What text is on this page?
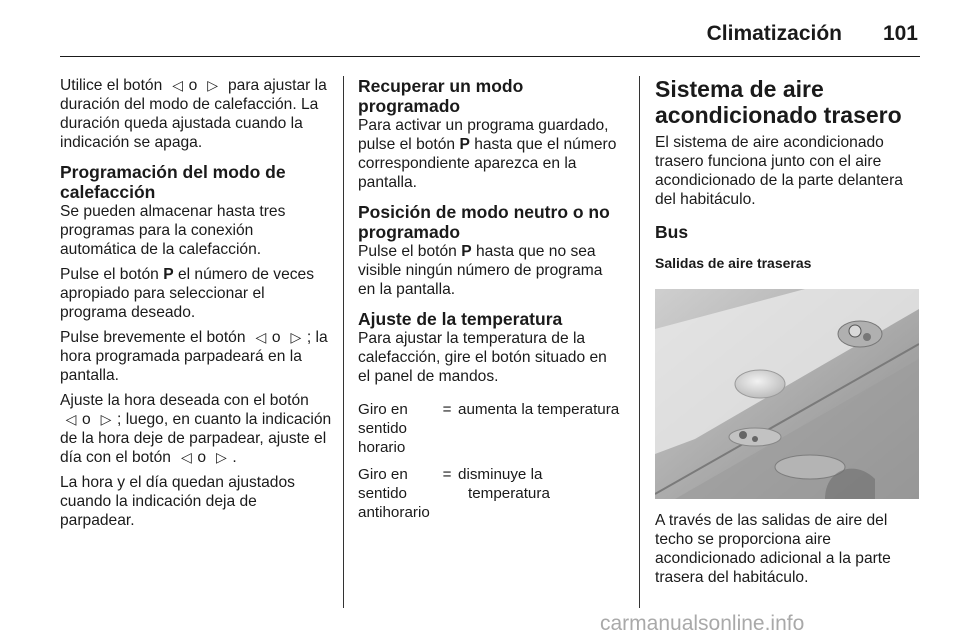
Climatización 101

Utilice el botón ◁ o ▷ para ajustar la duración del modo de calefacción. La duración queda ajustada cuando la indicación se apaga.

Programación del modo de calefacción

Se pueden almacenar hasta tres programas para la conexión automática de la calefacción.

Pulse el botón P el número de veces apropiado para seleccionar el programa deseado.

Pulse brevemente el botón ◁ o ▷ ; la hora programada parpadeará en la pantalla.

Ajuste la hora deseada con el botón ◁ o ▷ ; luego, en cuanto la indicación de la hora deje de parpadear, ajuste el día con el botón ◁ o ▷ .

La hora y el día quedan ajustados cuando la indicación deja de parpadear.

Recuperar un modo programado

Para activar un programa guardado, pulse el botón P hasta que el número correspondiente aparezca en la pantalla.

Posición de modo neutro o no programado

Pulse el botón P hasta que no sea visible ningún número de programa en la pantalla.

Ajuste de la temperatura

Para ajustar la temperatura de la calefacción, gire el botón situado en el panel de mandos.

Giro en sentido horario
= aumenta la temperatura
Giro en sentido antihorario
= disminuye la temperatura
Sistema de aire acondicionado trasero

El sistema de aire acondicionado trasero funciona junto con el aire acondicionado de la parte delantera del habitáculo.

Bus
Salidas de aire traseras

A través de las salidas de aire del techo se proporciona aire acondicionado adicional a la parte trasera del habitáculo.

carmanualsonline.info
